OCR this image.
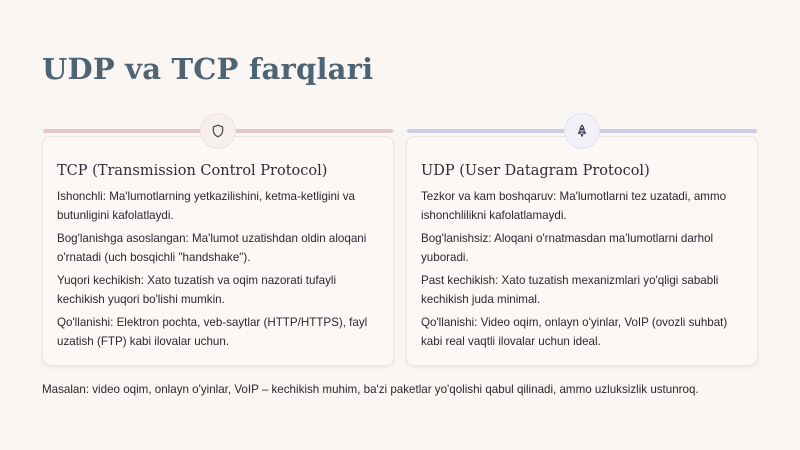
UDP va TCP farqlari
TCP (Transmission Control Protocol)

Ishonchli: Ma'lumotlarning yetkazilishini, ketma-ketligini va butunligini kafolatlaydi.

Bog'lanishga asoslangan: Ma'lumot uzatishdan oldin aloqani o'rnatadi (uch bosqichli "handshake").

Yuqori kechikish: Xato tuzatish va oqim nazorati tufayli kechikish yuqori bo'lishi mumkin.

Qo'llanishi: Elektron pochta, veb-saytlar (HTTP/HTTPS), fayl uzatish (FTP) kabi ilovalar uchun.

UDP (User Datagram Protocol)

Tezkor va kam boshqaruv: Ma'lumotlarni tez uzatadi, ammo ishonchlilikni kafolatlamaydi.

Bog'lanishsiz: Aloqani o'rnatmasdan ma'lumotlarni darhol yuboradi.

Past kechikish: Xato tuzatish mexanizmlari yo'qligi sababli kechikish juda minimal.

Qo'llanishi: Video oqim, onlayn o'yinlar, VoIP (ovozli suhbat) kabi real vaqtli ilovalar uchun ideal.

Masalan: video oqim, onlayn o'yinlar, VoIP – kechikish muhim, ba'zi paketlar yo'qolishi qabul qilinadi, ammo uzluksizlik ustunroq.
